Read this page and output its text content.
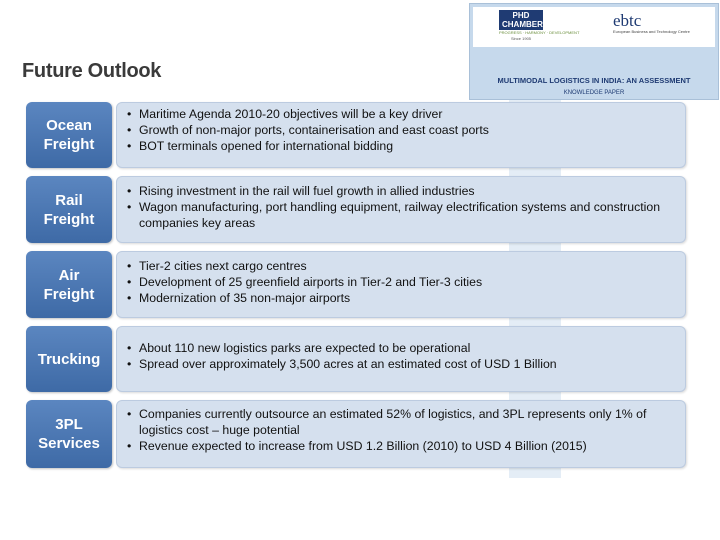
Future Outlook
PHD
CHAMBER
PROGRESS · HARMONY · DEVELOPMENT
Since 1905
ebtc
European Business and Technology Centre
MULTIMODAL LOGISTICS IN INDIA: AN ASSESSMENT
KNOWLEDGE PAPER
Ocean
Freight
• Maritime Agenda 2010-20 objectives will be a key driver
• Growth of non-major ports, containerisation and east coast ports
• BOT terminals opened for international bidding
Rail
Freight
• Rising investment in the rail will fuel growth in allied industries
• Wagon manufacturing, port handling equipment, railway electrification systems and construction companies key areas
Air
Freight
• Tier-2 cities next cargo centres
• Development of 25 greenfield airports in Tier-2 and Tier-3 cities
• Modernization of 35 non-major airports
Trucking
• About 110 new logistics parks are expected to be operational
• Spread over approximately 3,500 acres at an estimated cost of USD 1 Billion
3PL
Services
• Companies currently outsource an estimated 52% of logistics, and 3PL represents only 1% of logistics cost – huge potential
• Revenue expected to increase from USD 1.2 Billion (2010) to USD 4 Billion (2015)
